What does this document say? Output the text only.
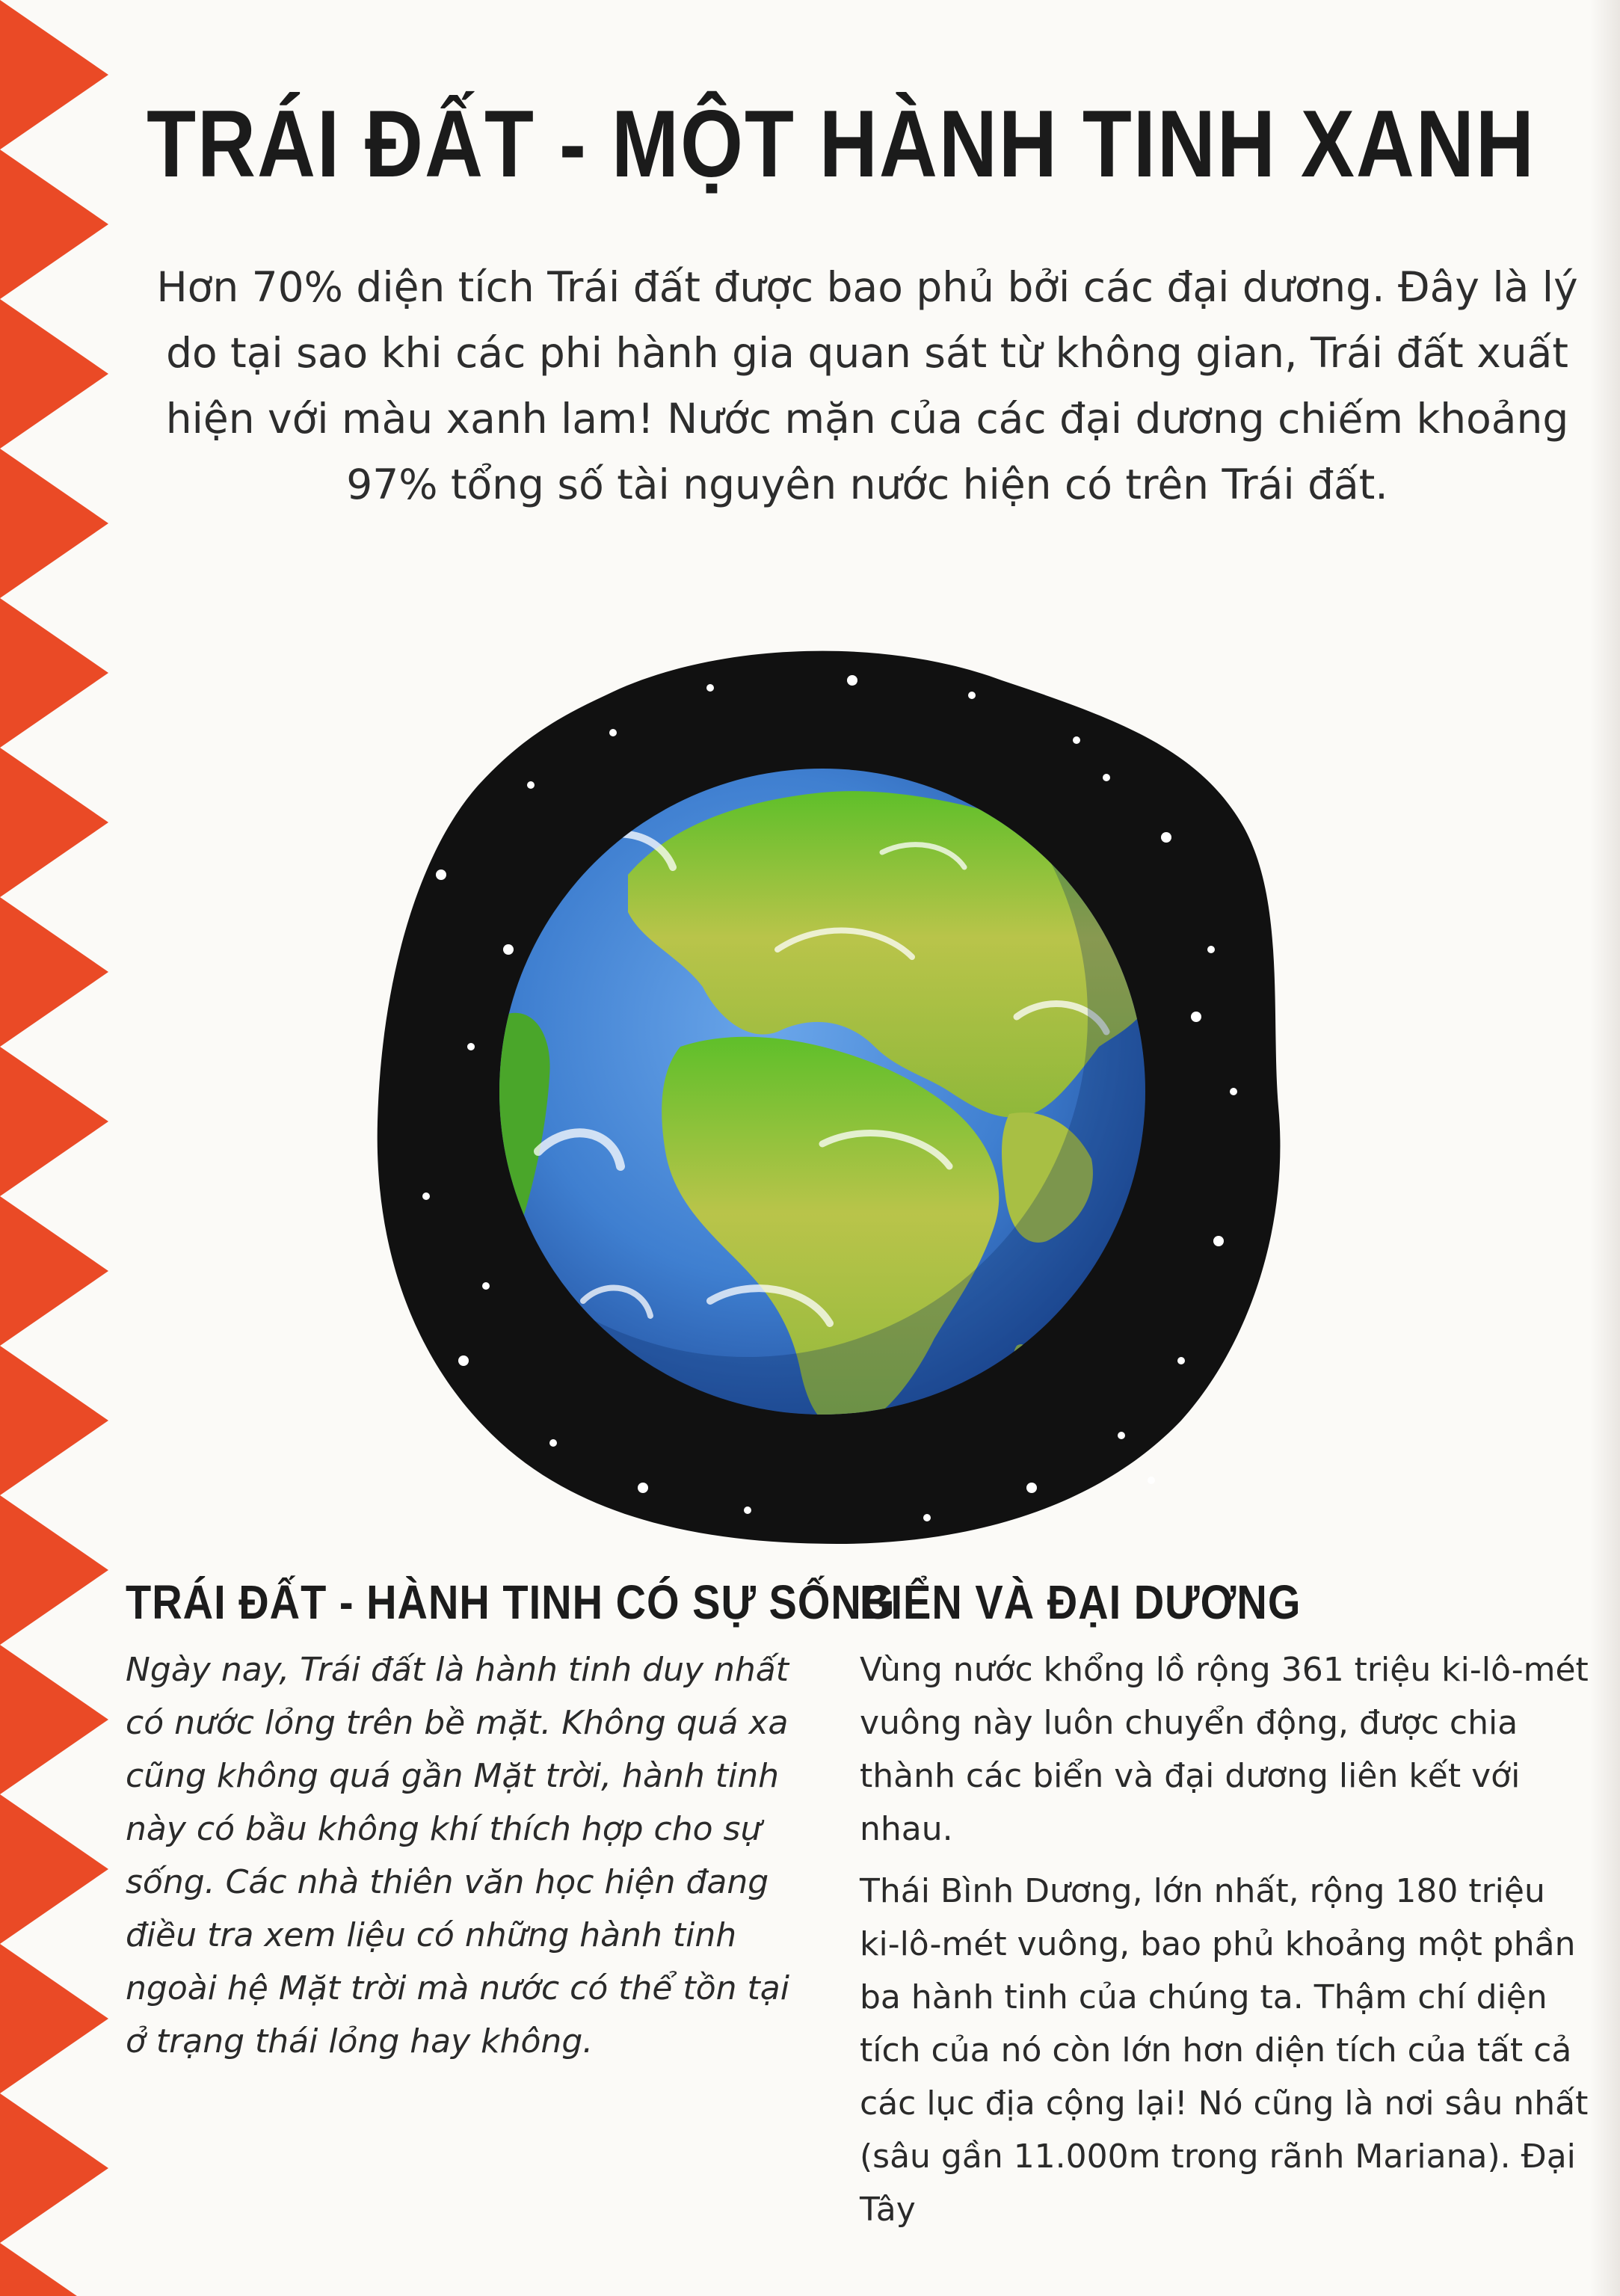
TRÁI ĐẤT - MỘT HÀNH TINH XANH

Hơn 70% diện tích Trái đất được bao phủ bởi các đại dương. Đây là lý do tại sao khi các phi hành gia quan sát từ không gian, Trái đất xuất hiện với màu xanh lam! Nước mặn của các đại dương chiếm khoảng 97% tổng số tài nguyên nước hiện có trên Trái đất.

TRÁI ĐẤT - HÀNH TINH CÓ SỰ SỐNG

Ngày nay, Trái đất là hành tinh duy nhất có nước lỏng trên bề mặt. Không quá xa cũng không quá gần Mặt trời, hành tinh này có bầu không khí thích hợp cho sự sống. Các nhà thiên văn học hiện đang điều tra xem liệu có những hành tinh ngoài hệ Mặt trời mà nước có thể tồn tại ở trạng thái lỏng hay không.

BIỂN VÀ ĐẠI DƯƠNG

Vùng nước khổng lồ rộng 361 triệu ki-lô-mét vuông này luôn chuyển động, được chia thành các biển và đại dương liên kết với nhau.

Thái Bình Dương, lớn nhất, rộng 180 triệu ki-lô-mét vuông, bao phủ khoảng một phần ba hành tinh của chúng ta. Thậm chí diện tích của nó còn lớn hơn diện tích của tất cả các lục địa cộng lại! Nó cũng là nơi sâu nhất (sâu gần 11.000m trong rãnh Mariana). Đại Tây
